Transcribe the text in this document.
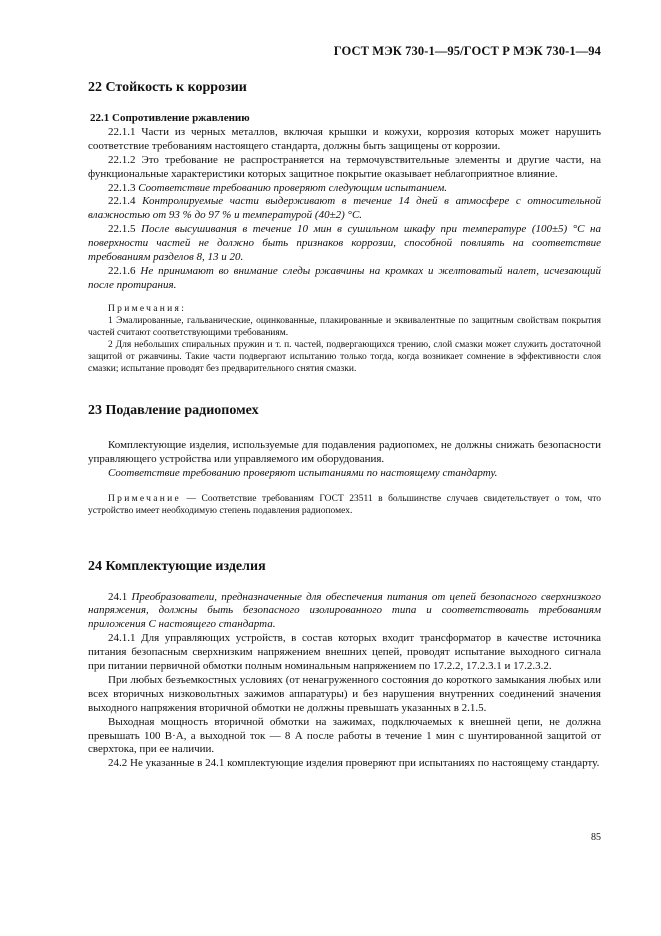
ГОСТ МЭК 730-1—95/ГОСТ Р МЭК 730-1—94
22 Стойкость к коррозии

22.1 Сопротивление ржавлению

22.1.1 Части из черных металлов, включая крышки и кожухи, коррозия которых может нарушить соответствие требованиям настоящего стандарта, должны быть защищены от коррозии.

22.1.2 Это требование не распространяется на термочувствительные элементы и другие части, на функциональные характеристики которых защитное покрытие оказывает неблагоприятное влияние.

22.1.3 Соответствие требованию проверяют следующим испытанием.

22.1.4 Контролируемые части выдерживают в течение 14 дней в атмосфере с относительной влажностью от 93 % до 97 % и температурой (40±2) °С.

22.1.5 После высушивания в течение 10 мин в сушильном шкафу при температуре (100±5) °С на поверхности частей не должно быть признаков коррозии, способной повлиять на соответствие требованиям разделов 8, 13 и 20.

22.1.6 Не принимают во внимание следы ржавчины на кромках и желтоватый налет, исчезающий после протирания.

Примечания:

1 Эмалированные, гальванические, оцинкованные, плакированные и эквивалентные по защитным свойствам покрытия частей считают соответствующими требованиям.

2 Для небольших спиральных пружин и т. п. частей, подвергающихся трению, слой смазки может служить достаточной защитой от ржавчины. Такие части подвергают испытанию только тогда, когда возникает сомнение в эффективности слоя смазки; испытание проводят без предварительного снятия смазки.

23 Подавление радиопомех

Комплектующие изделия, используемые для подавления радиопомех, не должны снижать безопасности управляющего устройства или управляемого им оборудования.

Соответствие требованию проверяют испытаниями по настоящему стандарту.

Примечание — Соответствие требованиям ГОСТ 23511 в большинстве случаев свидетельствует о том, что устройство имеет необходимую степень подавления радиопомех.

24 Комплектующие изделия

24.1 Преобразователи, предназначенные для обеспечения питания от цепей безопасного сверхнизкого напряжения, должны быть безопасного изолированного типа и соответствовать требованиям приложения С настоящего стандарта.

24.1.1 Для управляющих устройств, в состав которых входит трансформатор в качестве источника питания безопасным сверхнизким напряжением внешних цепей, проводят испытание выходного сигнала при питании первичной обмотки полным номинальным напряжением по 17.2.2, 17.2.3.1 и 17.2.3.2.

При любых безъемкостных условиях (от ненагруженного состояния до короткого замыкания любых или всех вторичных низковольтных зажимов аппаратуры) и без нарушения внутренних соединений значения выходного напряжения вторичной обмотки не должны превышать указанных в 2.1.5.

Выходная мощность вторичной обмотки на зажимах, подключаемых к внешней цепи, не должна превышать 100 В·А, а выходной ток — 8 А после работы в течение 1 мин с шунтированной защитой от сверхтока, при ее наличии.

24.2 Не указанные в 24.1 комплектующие изделия проверяют при испытаниях по настоящему стандарту.

85
